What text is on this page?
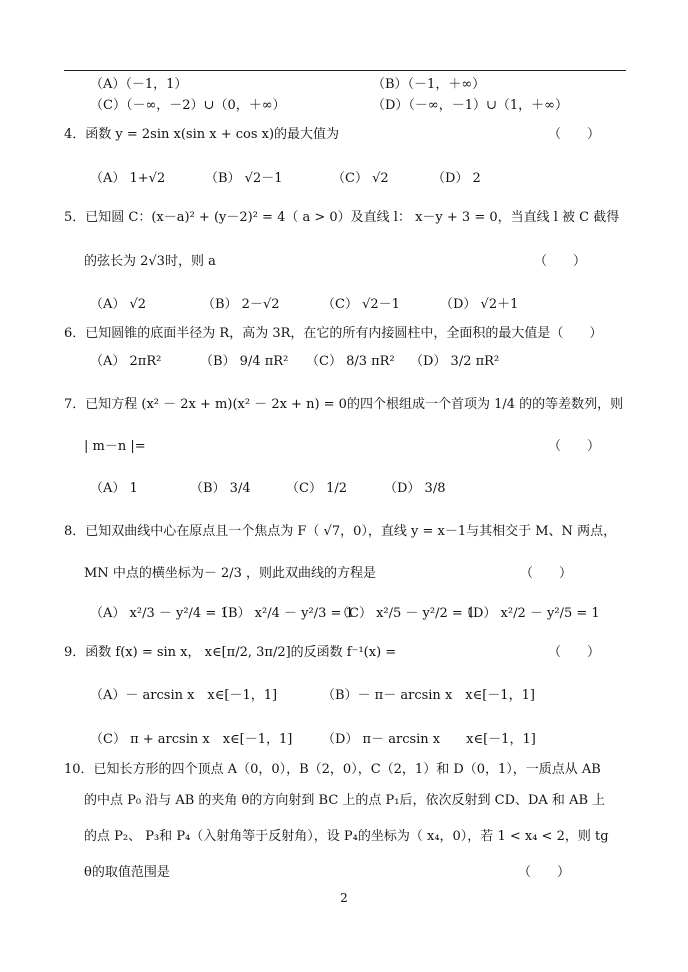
（A）（－1，1）	（B）（－1，＋∞）
（C）（－∞，－2）∪（0，＋∞）	（D）（－∞，－1）∪（1，＋∞）
4．函数 y = 2sin x(sin x + cos x)的最大值为	（　　）
（A） 1+√2	（B） √2－1	（C） √2	（D） 2
5．已知圆 C：(x－a)² + (y－2)² = 4（ a > 0）及直线 l： x－y + 3 = 0，当直线 l 被 C 截得
的弦长为 2√3时，则 a	（　　）
（A） √2	（B） 2－√2	（C） √2－1	（D） √2＋1
6．已知圆锥的底面半径为 R，高为 3R，在它的所有内接圆柱中，全面积的最大值是（　　）
（A） 2πR²	（B） 9/4 πR² （C） 8/3 πR² （D） 3/2 πR²
7．已知方程 (x² － 2x + m)(x² － 2x + n) = 0的四个根组成一个首项为 1/4 的的等差数列，则
| m－n |=	（　　）
（A） 1	（B） 3/4	（C） 1/2	（D） 3/8
8．已知双曲线中心在原点且一个焦点为 F（ √7，0），直线 y = x－1与其相交于 M、N 两点，
MN 中点的横坐标为－ 2/3 ，则此双曲线的方程是	（　　）
（A） x²/3 － y²/4 = 1
（B） x²/4 － y²/3 = 1
（C） x²/5 － y²/2 = 1
（D） x²/2 － y²/5 = 1
9．函数 f(x) = sin x， x∈[π/2, 3π/2]的反函数 f⁻¹(x) =	（　　）
（A）－ arcsin x　x∈[－1，1]	（B）－ π－ arcsin x　x∈[－1，1]
（C） π + arcsin x　x∈[－1，1] （D） π－ arcsin x　　x∈[－1，1]
10．已知长方形的四个顶点 A（0，0），B（2，0），C（2，1）和 D（0，1），一质点从 AB
的中点 P₀ 沿与 AB 的夹角 θ的方向射到 BC 上的点 P₁后，依次反射到 CD、DA 和 AB 上
的点 P₂、 P₃和 P₄（入射角等于反射角），设 P₄的坐标为（ x₄，0），若 1 < x₄ < 2，则 tg
θ的取值范围是	（　　）
2
